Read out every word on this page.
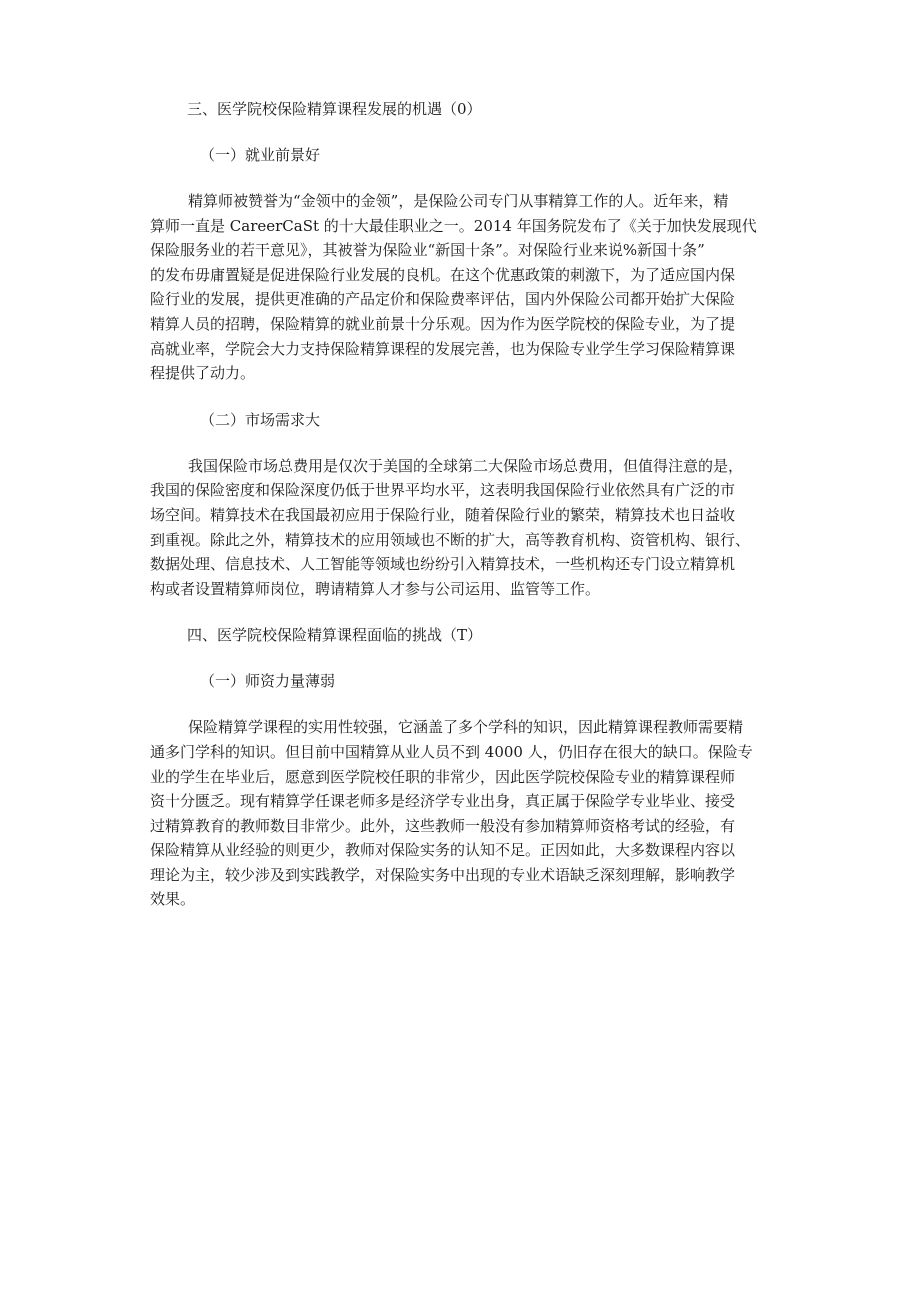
三、医学院校保险精算课程发展的机遇（0）
（一）就业前景好
精算师被赞誉为“金领中的金领”，是保险公司专门从事精算工作的人。近年来，精
算师一直是 CareerCaSt 的十大最佳职业之一。2014 年国务院发布了《关于加快发展现代
保险服务业的若干意见》，其被誉为保险业“新国十条”。对保险行业来说%新国十条”
的发布毋庸置疑是促进保险行业发展的良机。在这个优惠政策的刺激下，为了适应国内保
险行业的发展，提供更准确的产品定价和保险费率评估，国内外保险公司都开始扩大保险
精算人员的招聘，保险精算的就业前景十分乐观。因为作为医学院校的保险专业，为了提
高就业率，学院会大力支持保险精算课程的发展完善，也为保险专业学生学习保险精算课
程提供了动力。
（二）市场需求大
我国保险市场总费用是仅次于美国的全球第二大保险市场总费用，但值得注意的是，
我国的保险密度和保险深度仍低于世界平均水平，这表明我国保险行业依然具有广泛的市
场空间。精算技术在我国最初应用于保险行业，随着保险行业的繁荣，精算技术也日益收
到重视。除此之外，精算技术的应用领域也不断的扩大，高等教育机构、资管机构、银行、
数据处理、信息技术、人工智能等领域也纷纷引入精算技术，一些机构还专门设立精算机
构或者设置精算师岗位，聘请精算人才参与公司运用、监管等工作。
四、医学院校保险精算课程面临的挑战（T）
（一）师资力量薄弱
保险精算学课程的实用性较强，它涵盖了多个学科的知识，因此精算课程教师需要精
通多门学科的知识。但目前中国精算从业人员不到 4000 人，仍旧存在很大的缺口。保险专
业的学生在毕业后，愿意到医学院校任职的非常少，因此医学院校保险专业的精算课程师
资十分匮乏。现有精算学任课老师多是经济学专业出身，真正属于保险学专业毕业、接受
过精算教育的教师数目非常少。此外，这些教师一般没有参加精算师资格考试的经验，有
保险精算从业经验的则更少，教师对保险实务的认知不足。正因如此，大多数课程内容以
理论为主，较少涉及到实践教学，对保险实务中出现的专业术语缺乏深刻理解，影响教学
效果。
